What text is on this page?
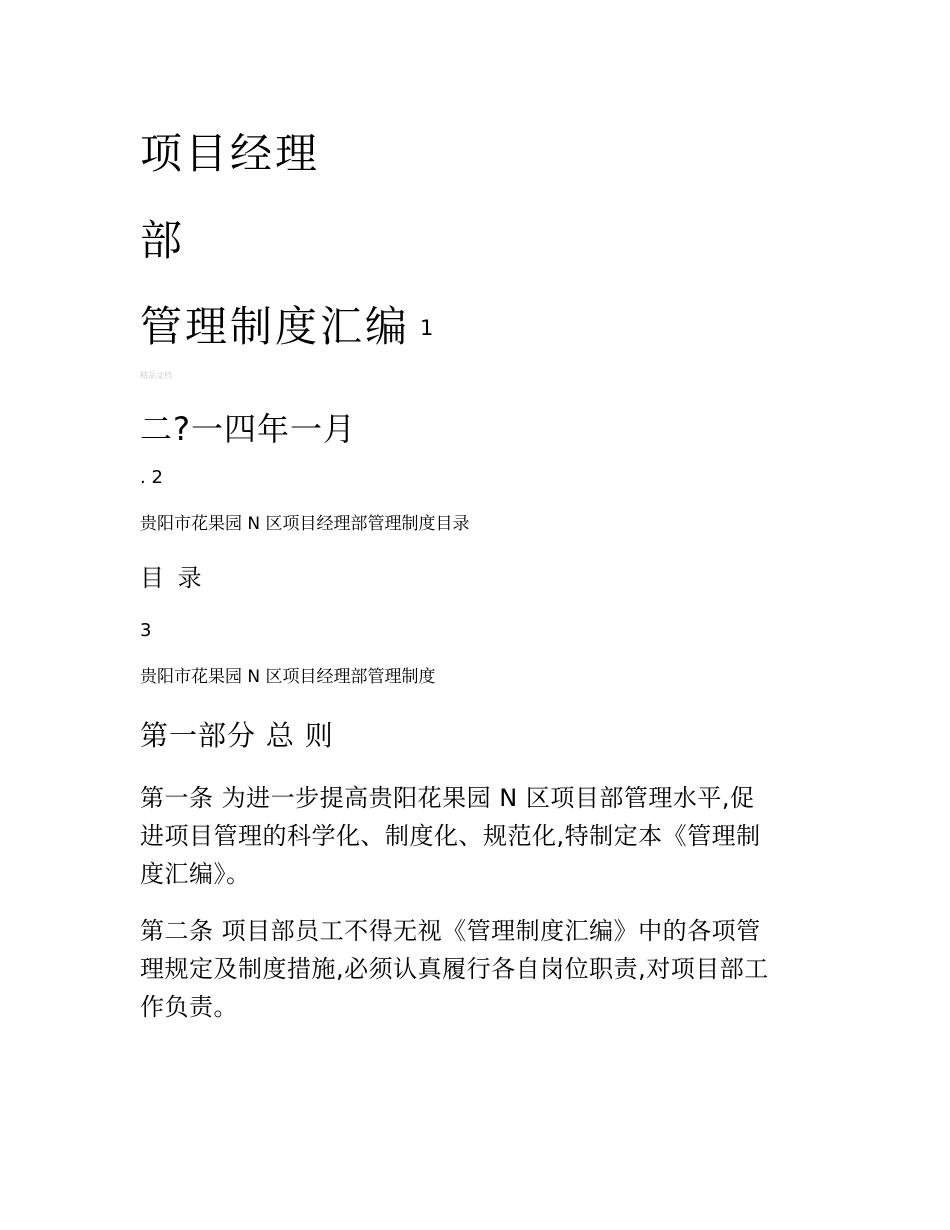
项目经理
部
管理制度汇编 1
精品文档
二?一四年一月
. 2
贵阳市花果园 N 区项目经理部管理制度目录
目 录
3
贵阳市花果园 N 区项目经理部管理制度
第一部分 总 则
第一条 为进一步提高贵阳花果园 N 区项目部管理水平,促
进项目管理的科学化、制度化、规范化,特制定本《管理制
度汇编》。
第二条 项目部员工不得无视《管理制度汇编》中的各项管
理规定及制度措施,必须认真履行各自岗位职责,对项目部工
作负责。
